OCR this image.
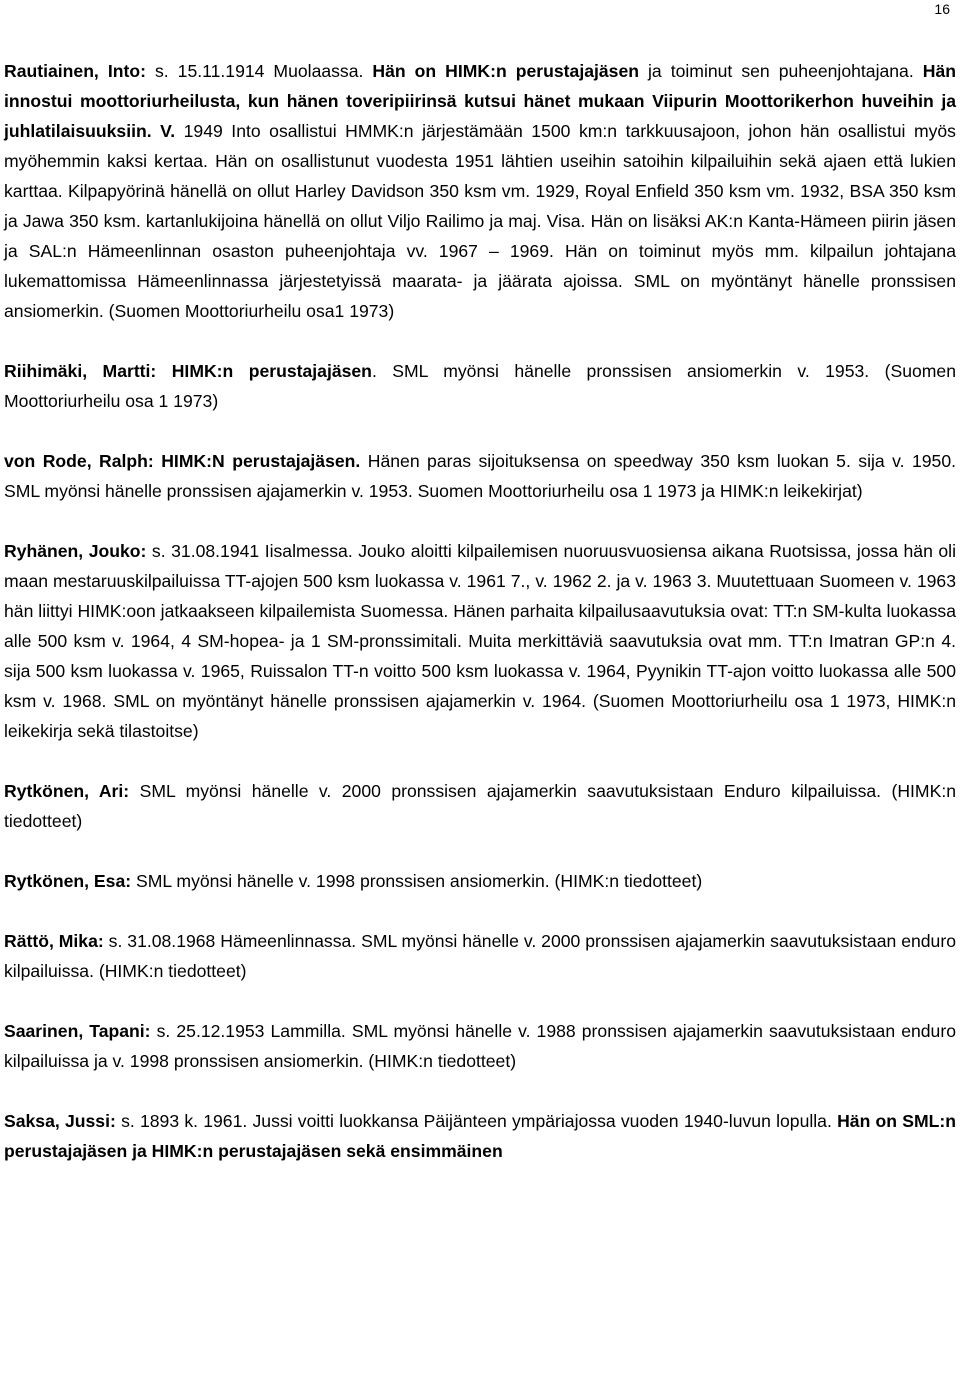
16

Rautiainen, Into: s. 15.11.1914 Muolaassa. Hän on HIMK:n perustajajäsen ja toiminut sen puheenjohtajana. Hän innostui moottoriurheilusta, kun hänen toveripiirinsä kutsui hänet mukaan Viipurin Moottorikerhon huveihin ja juhlatilaisuuksiin. V. 1949 Into osallistui HMMK:n järjestämään 1500 km:n tarkkuusajoon, johon hän osallistui myös myöhemmin kaksi kertaa. Hän on osallistunut vuodesta 1951 lähtien useihin satoihin kilpailuihin sekä ajaen että lukien karttaa. Kilpapyörinä hänellä on ollut Harley Davidson 350 ksm vm. 1929, Royal Enfield 350 ksm vm. 1932, BSA 350 ksm ja Jawa 350 ksm. kartanlukijoina hänellä on ollut Viljo Railimo ja maj. Visa. Hän on lisäksi AK:n Kanta-Hämeen piirin jäsen ja SAL:n Hämeenlinnan osaston puheenjohtaja vv. 1967 – 1969. Hän on toiminut myös mm. kilpailun johtajana lukemattomissa Hämeenlinnassa järjestetyissä maarata- ja jäärata ajoissa. SML on myöntänyt hänelle pronssisen ansiomerkin. (Suomen Moottoriurheilu osa1 1973)

Riihimäki, Martti: HIMK:n perustajajäsen. SML myönsi hänelle pronssisen ansiomerkin v. 1953. (Suomen Moottoriurheilu osa 1 1973)

von Rode, Ralph: HIMK:N perustajajäsen. Hänen paras sijoituksensa on speedway 350 ksm luokan 5. sija v. 1950. SML myönsi hänelle pronssisen ajajamerkin v. 1953. Suomen Moottoriurheilu osa 1 1973 ja HIMK:n leikekirjat)

Ryhänen, Jouko: s. 31.08.1941 Iisalmessa. Jouko aloitti kilpailemisen nuoruusvuosiensa aikana Ruotsissa, jossa hän oli maan mestaruuskilpailuissa TT-ajojen 500 ksm luokassa v. 1961 7., v. 1962 2. ja v. 1963 3. Muutettuaan Suomeen v. 1963 hän liittyi HIMK:oon jatkaakseen kilpailemista Suomessa. Hänen parhaita kilpailusaavutuksia ovat: TT:n SM-kulta luokassa alle 500 ksm v. 1964, 4 SM-hopea- ja 1 SM-pronssimitali. Muita merkittäviä saavutuksia ovat mm. TT:n Imatran GP:n 4. sija 500 ksm luokassa v. 1965, Ruissalon TT-n voitto 500 ksm luokassa v. 1964, Pyynikin TT-ajon voitto luokassa alle 500 ksm v. 1968. SML on myöntänyt hänelle pronssisen ajajamerkin v. 1964. (Suomen Moottoriurheilu osa 1 1973, HIMK:n leikekirja sekä tilastoitse)

Rytkönen, Ari: SML myönsi hänelle v. 2000 pronssisen ajajamerkin saavutuksistaan Enduro kilpailuissa. (HIMK:n tiedotteet)

Rytkönen, Esa: SML myönsi hänelle v. 1998 pronssisen ansiomerkin. (HIMK:n tiedotteet)

Rättö, Mika: s. 31.08.1968 Hämeenlinnassa. SML myönsi hänelle v. 2000 pronssisen ajajamerkin saavutuksistaan enduro kilpailuissa. (HIMK:n tiedotteet)

Saarinen, Tapani: s. 25.12.1953 Lammilla. SML myönsi hänelle v. 1988 pronssisen ajajamerkin saavutuksistaan enduro kilpailuissa ja v. 1998 pronssisen ansiomerkin. (HIMK:n tiedotteet)

Saksa, Jussi: s. 1893 k. 1961. Jussi voitti luokkansa Päijänteen ympäriajossa vuoden 1940-luvun lopulla. Hän on SML:n perustajajäsen ja HIMK:n perustajajäsen sekä ensimmäinen
